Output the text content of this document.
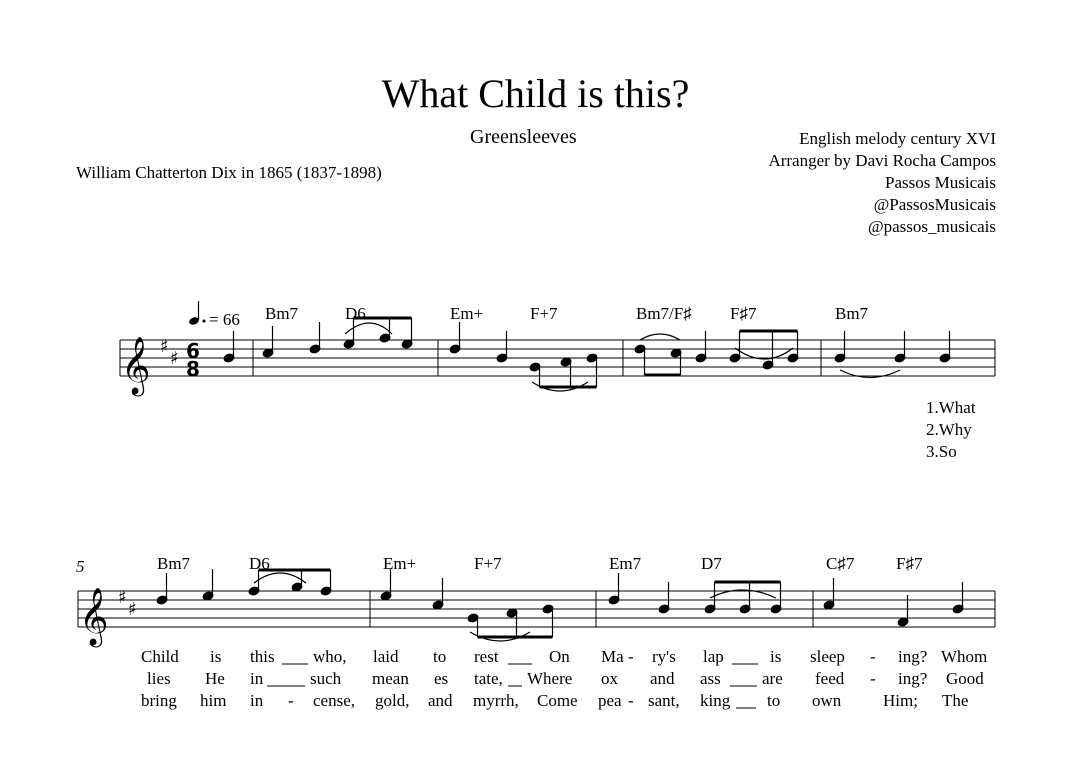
What Child is this?
Greensleeves
William Chatterton Dix in 1865 (1837-1898)
English melody century XVI
Arranger by Davi Rocha Campos
Passos Musicais
@PassosMusicais
@passos_musicais
𝄞 ♯
♯ 6
8
𝄞 ♯
♯
5
= 66 Bm7	D6	Em+	F+7	Bm7/F♯ F♯7	Bm7
1.What
2.Why
3.So
Bm7	D6	Em+	F+7	Em7	D7	C♯7 F♯7
Child is this who, laid to rest	On Ma - ry's lap	is sleep - ing? Whom
lies He in	such mean es tate, Where ox and ass are feed - ing? Good
bring him in - cense, gold, and myrrh, Come pea - sant, king to own Him; The
